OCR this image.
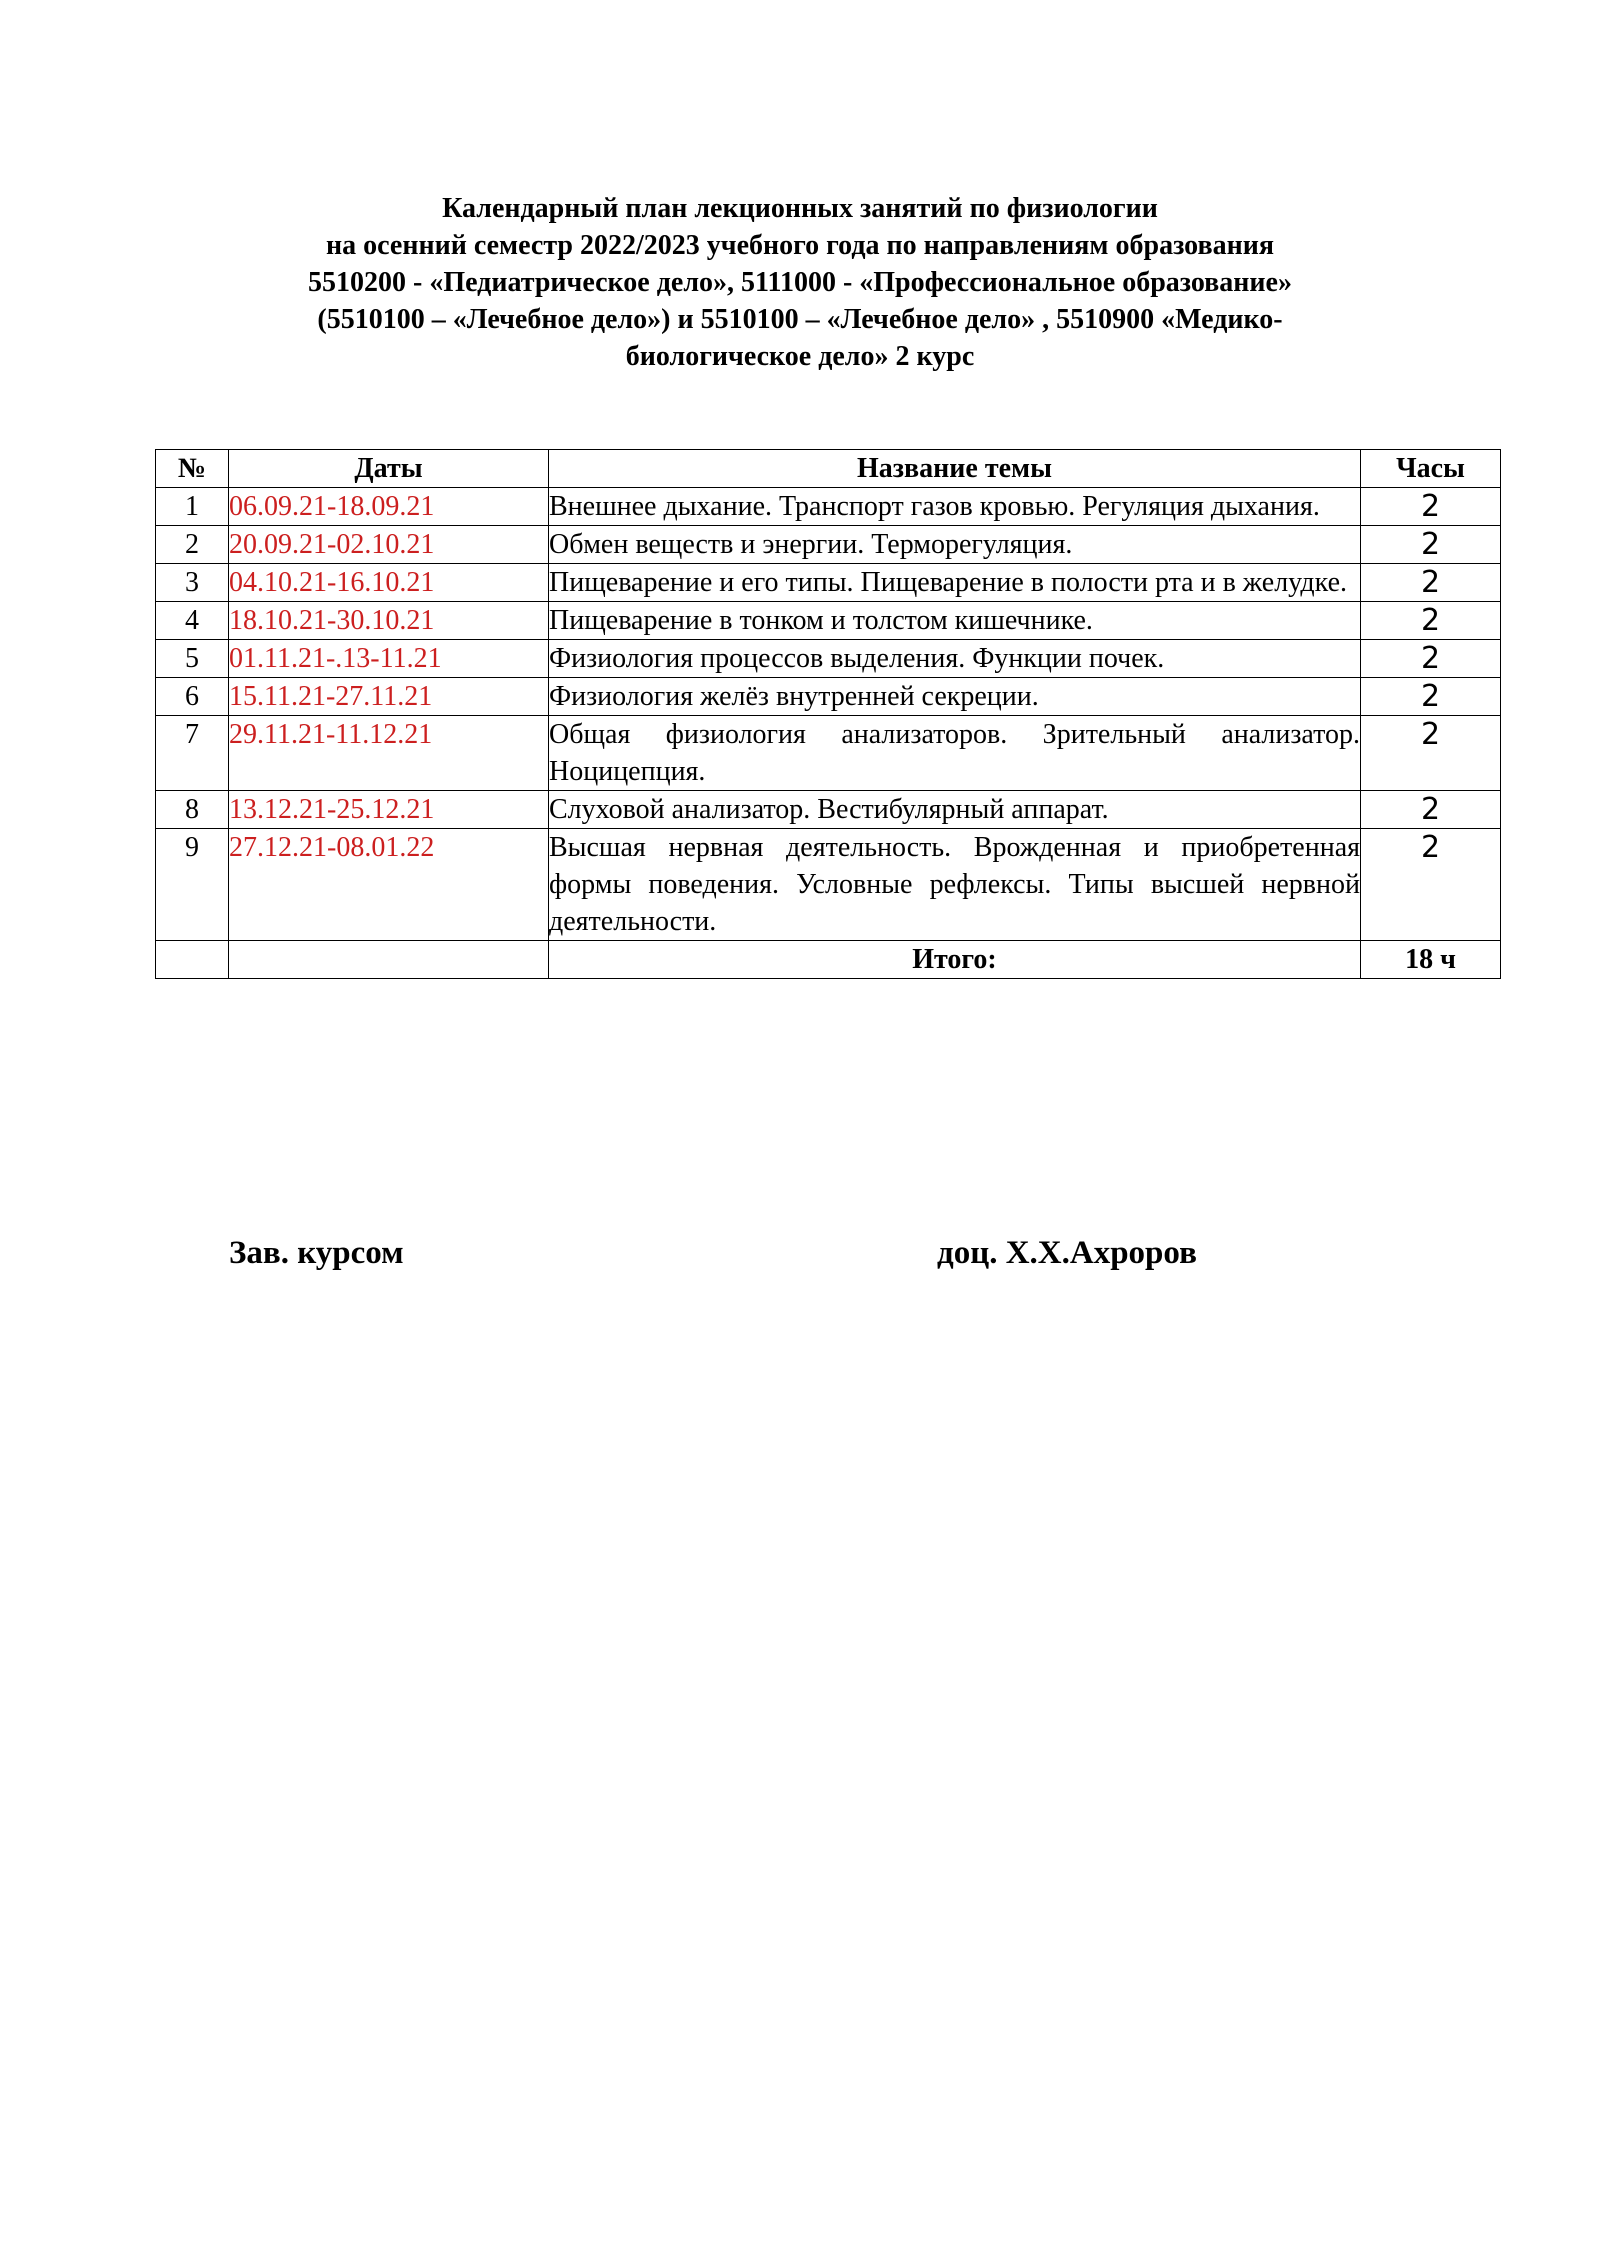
Календарный план лекционных занятий по физиологии
на осенний семестр 2022/2023 учебного года по направлениям образования
5510200 - «Педиатрическое дело», 5111000 - «Профессиональное образование»
(5510100 – «Лечебное дело») и 5510100 – «Лечебное дело» , 5510900 «Медико-
биологическое дело» 2 курс
№	Даты	Название темы	Часы
1	06.09.21-18.09.21	Внешнее дыхание. Транспорт газов кровью. Регуляция дыхания.	2
2	20.09.21-02.10.21	Обмен веществ и энергии. Терморегуляция.	2
3	04.10.21-16.10.21	Пищеварение и его типы. Пищеварение в полости рта и в желудке.	2
4	18.10.21-30.10.21	Пищеварение в тонком и толстом кишечнике.	2
5	01.11.21-.13-11.21	Физиология процессов выделения. Функции почек.	2
6	15.11.21-27.11.21	Физиология желёз внутренней секреции.	2
7	29.11.21-11.12.21	Общая физиология анализаторов. Зрительный анализатор. Ноцицепция.	2
8	13.12.21-25.12.21	Слуховой анализатор. Вестибулярный аппарат.	2
9	27.12.21-08.01.22	Высшая нервная деятельность. Врожденная и приобретенная формы поведения. Условные рефлексы. Типы высшей нервной деятельности.	2
		Итого:	18 ч
Зав. курсом	доц. Х.Х.Ахроров
